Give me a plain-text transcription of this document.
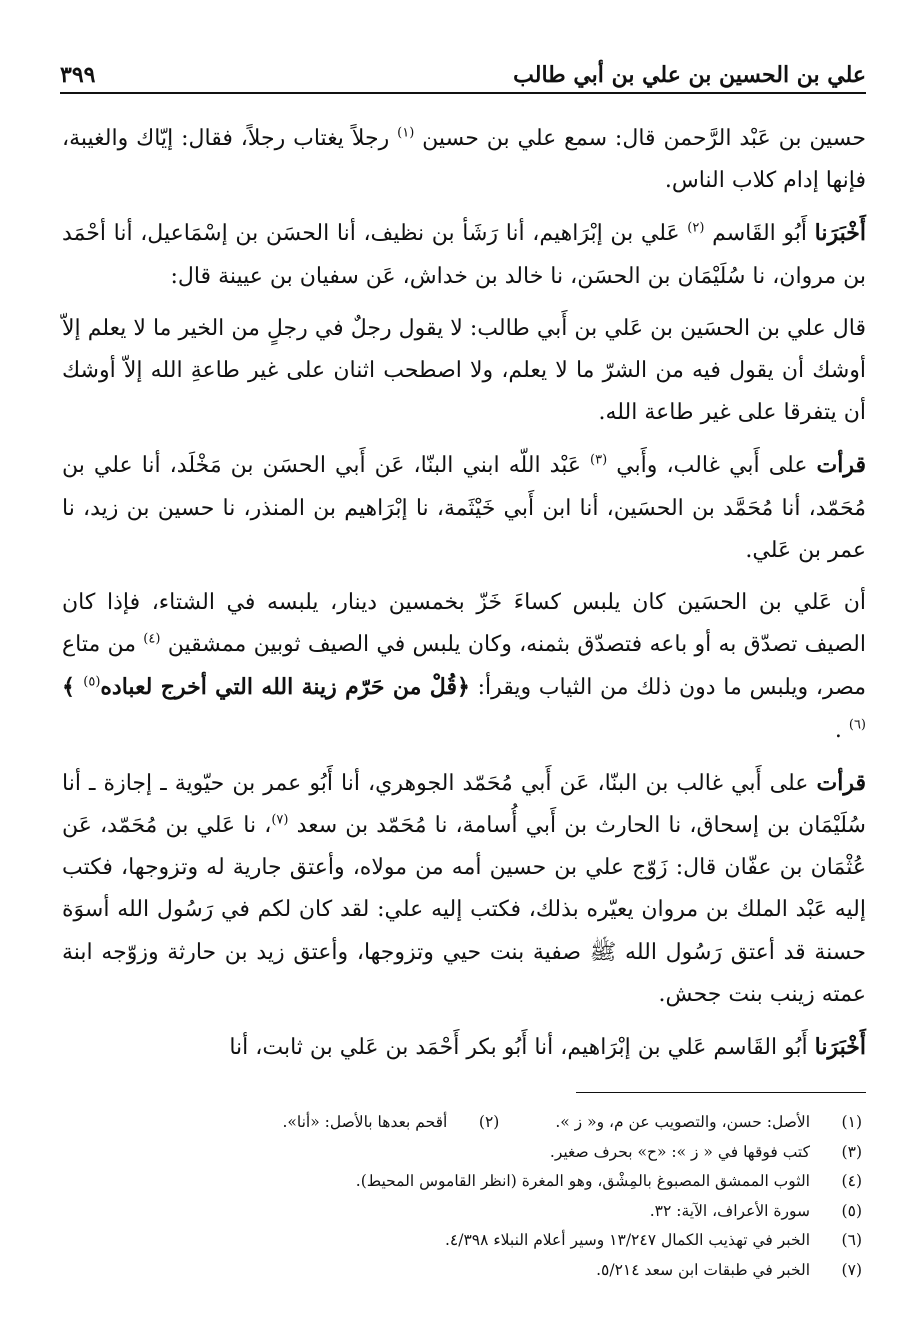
علي بن الحسين بن علي بن أبي طالب
٣٩٩

حسين بن عَبْد الرَّحمن قال: سمع علي بن حسين $^{(١)}$ رجلاً يغتاب رجلاً، فقال: إيّاك والغيبة، فإنها إدام كلاب الناس.

أَخْبَرَنا أَبُو القَاسم $^{(٢)}$ عَلي بن إبْرَاهيم، أنا رَشَأ بن نظيف، أنا الحسَن بن إسْمَاعيل، أنا أحْمَد بن مروان، نا سُلَيْمَان بن الحسَن، نا خالد بن خداش، عَن سفيان بن عيينة قال:

قال علي بن الحسَين بن عَلي بن أَبي طالب: لا يقول رجلٌ في رجلٍ من الخير ما لا يعلم إلاّ أوشك أن يقول فيه من الشرّ ما لا يعلم، ولا اصطحب اثنان على غير طاعةِ الله إلاّ أوشك أن يتفرقا على غير طاعة الله.

قرأت على أَبي غالب، وأَبي $^{(٣)}$ عَبْد اللّه ابني البنّا، عَن أَبي الحسَن بن مَخْلَد، أنا علي بن مُحَمّد، أنا مُحَمَّد بن الحسَين، أنا ابن أَبي خَيْثَمة، نا إبْرَاهيم بن المنذر، نا حسين بن زيد، نا عمر بن عَلي.

أن عَلي بن الحسَين كان يلبس كساءَ خَزّ بخمسين دينار، يلبسه في الشتاء، فإذا كان الصيف تصدّق به أو باعه فتصدّق بثمنه، وكان يلبس في الصيف ثوبين ممشقين $^{(٤)}$ من متاع مصر، ويلبس ما دون ذلك من الثياب ويقرأ: ﴿قُلْ من حَرّم زينة الله التي أخرج لعباده$^{(٥)}$ ﴾$^{(٦)}$ .

قرأت على أَبي غالب بن البنّا، عَن أَبي مُحَمّد الجوهري، أنا أَبُو عمر بن حيّوية ـ إجازة ـ أنا سُلَيْمَان بن إسحاق، نا الحارث بن أَبي أُسامة، نا مُحَمّد بن سعد $^{(٧)}$، نا عَلي بن مُحَمّد، عَن عُثْمَان بن عفّان قال: زَوّج علي بن حسين أمه من مولاه، وأعتق جارية له وتزوجها، فكتب إليه عَبْد الملك بن مروان يعيّره بذلك، فكتب إليه علي: لقد كان لكم في رَسُول الله أسوَة حسنة قد أعتق رَسُول الله ﷺ صفية بنت حيي وتزوجها، وأعتق زيد بن حارثة وزوّجه ابنة عمته زينب بنت جحش.

أَخْبَرَنا أَبُو القَاسم عَلي بن إبْرَاهيم، أنا أَبُو بكر أَحْمَد بن عَلي بن ثابت، أنا

(١)الأصل: حسن، والتصويب عن م، و« ز ».(٢)أقحم بعدها بالأصل: «أنا».
(٣)كتب فوقها في « ز »: «ح» بحرف صغير.
(٤)الثوب الممشق المصبوغ بالمِشْق، وهو المغرة (انظر القاموس المحيط).
(٥)سورة الأعراف، الآية: ٣٢.
(٦)الخبر في تهذيب الكمال ١٣/٢٤٧ وسير أعلام النبلاء ٤/٣٩٨.
(٧)الخبر في طبقات ابن سعد ٥/٢١٤.
